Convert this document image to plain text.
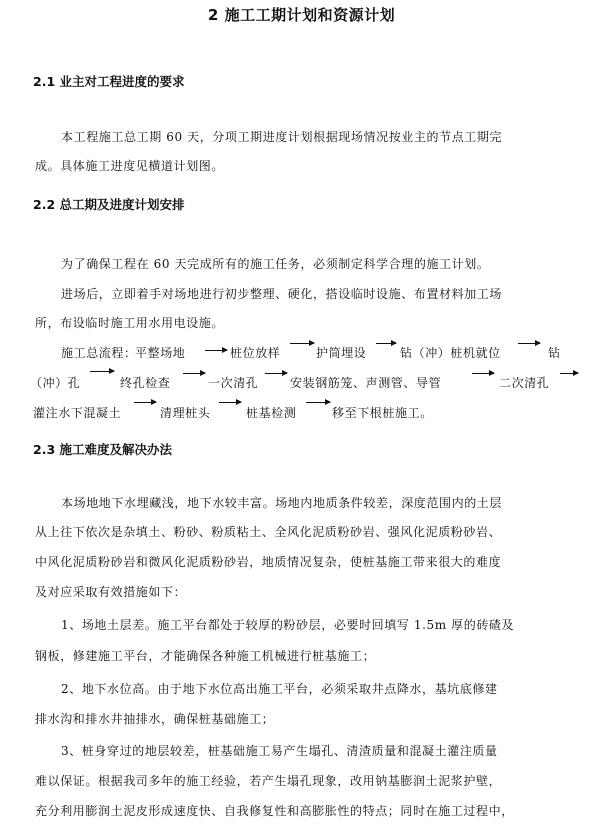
2 施工工期计划和资源计划
2.1 业主对工程进度的要求
本工程施工总工期 60 天，分项工期进度计划根据现场情况按业主的节点工期完
成。具体施工进度见横道计划图。
2.2 总工期及进度计划安排
为了确保工程在 60 天完成所有的施工任务，必须制定科学合理的施工计划。
进场后，立即着手对场地进行初步整理、硬化，搭设临时设施、布置材料加工场
所，布设临时施工用水用电设施。
施工总流程：
平整场地	桩位放样	护筒埋设	钻（冲）桩机就位	钻
（冲）孔	终孔检查	一次清孔	安装钢筋笼、声测管、导管	二次清孔
灌注水下混凝土	清理桩头	桩基检测	移至下根桩施工。
2.3 施工难度及解决办法
本场地地下水埋藏浅，地下水较丰富。场地内地质条件较差，深度范围内的土层
从上往下依次是杂填土、粉砂、粉质粘土、全风化泥质粉砂岩、强风化泥质粉砂岩、
中风化泥质粉砂岩和微风化泥质粉砂岩，地质情况复杂，使桩基施工带来很大的难度
及对应采取有效措施如下：
1、场地土层差。施工平台都处于较厚的粉砂层，必要时回填写 1.5m 厚的砖碴及
钢板，修建施工平台，才能确保各种施工机械进行桩基施工；
2、地下水位高。由于地下水位高出施工平台，必须采取井点降水，基坑底修建
排水沟和排水井抽排水，确保桩基础施工；
3、桩身穿过的地层较差，桩基础施工易产生塌孔、清渣质量和混凝土灌注质量
难以保证。根据我司多年的施工经验，若产生塌孔现象，改用钠基膨润土泥浆护壁，
充分利用膨润土泥皮形成速度快、自我修复性和高膨胀性的特点；同时在施工过程中，
